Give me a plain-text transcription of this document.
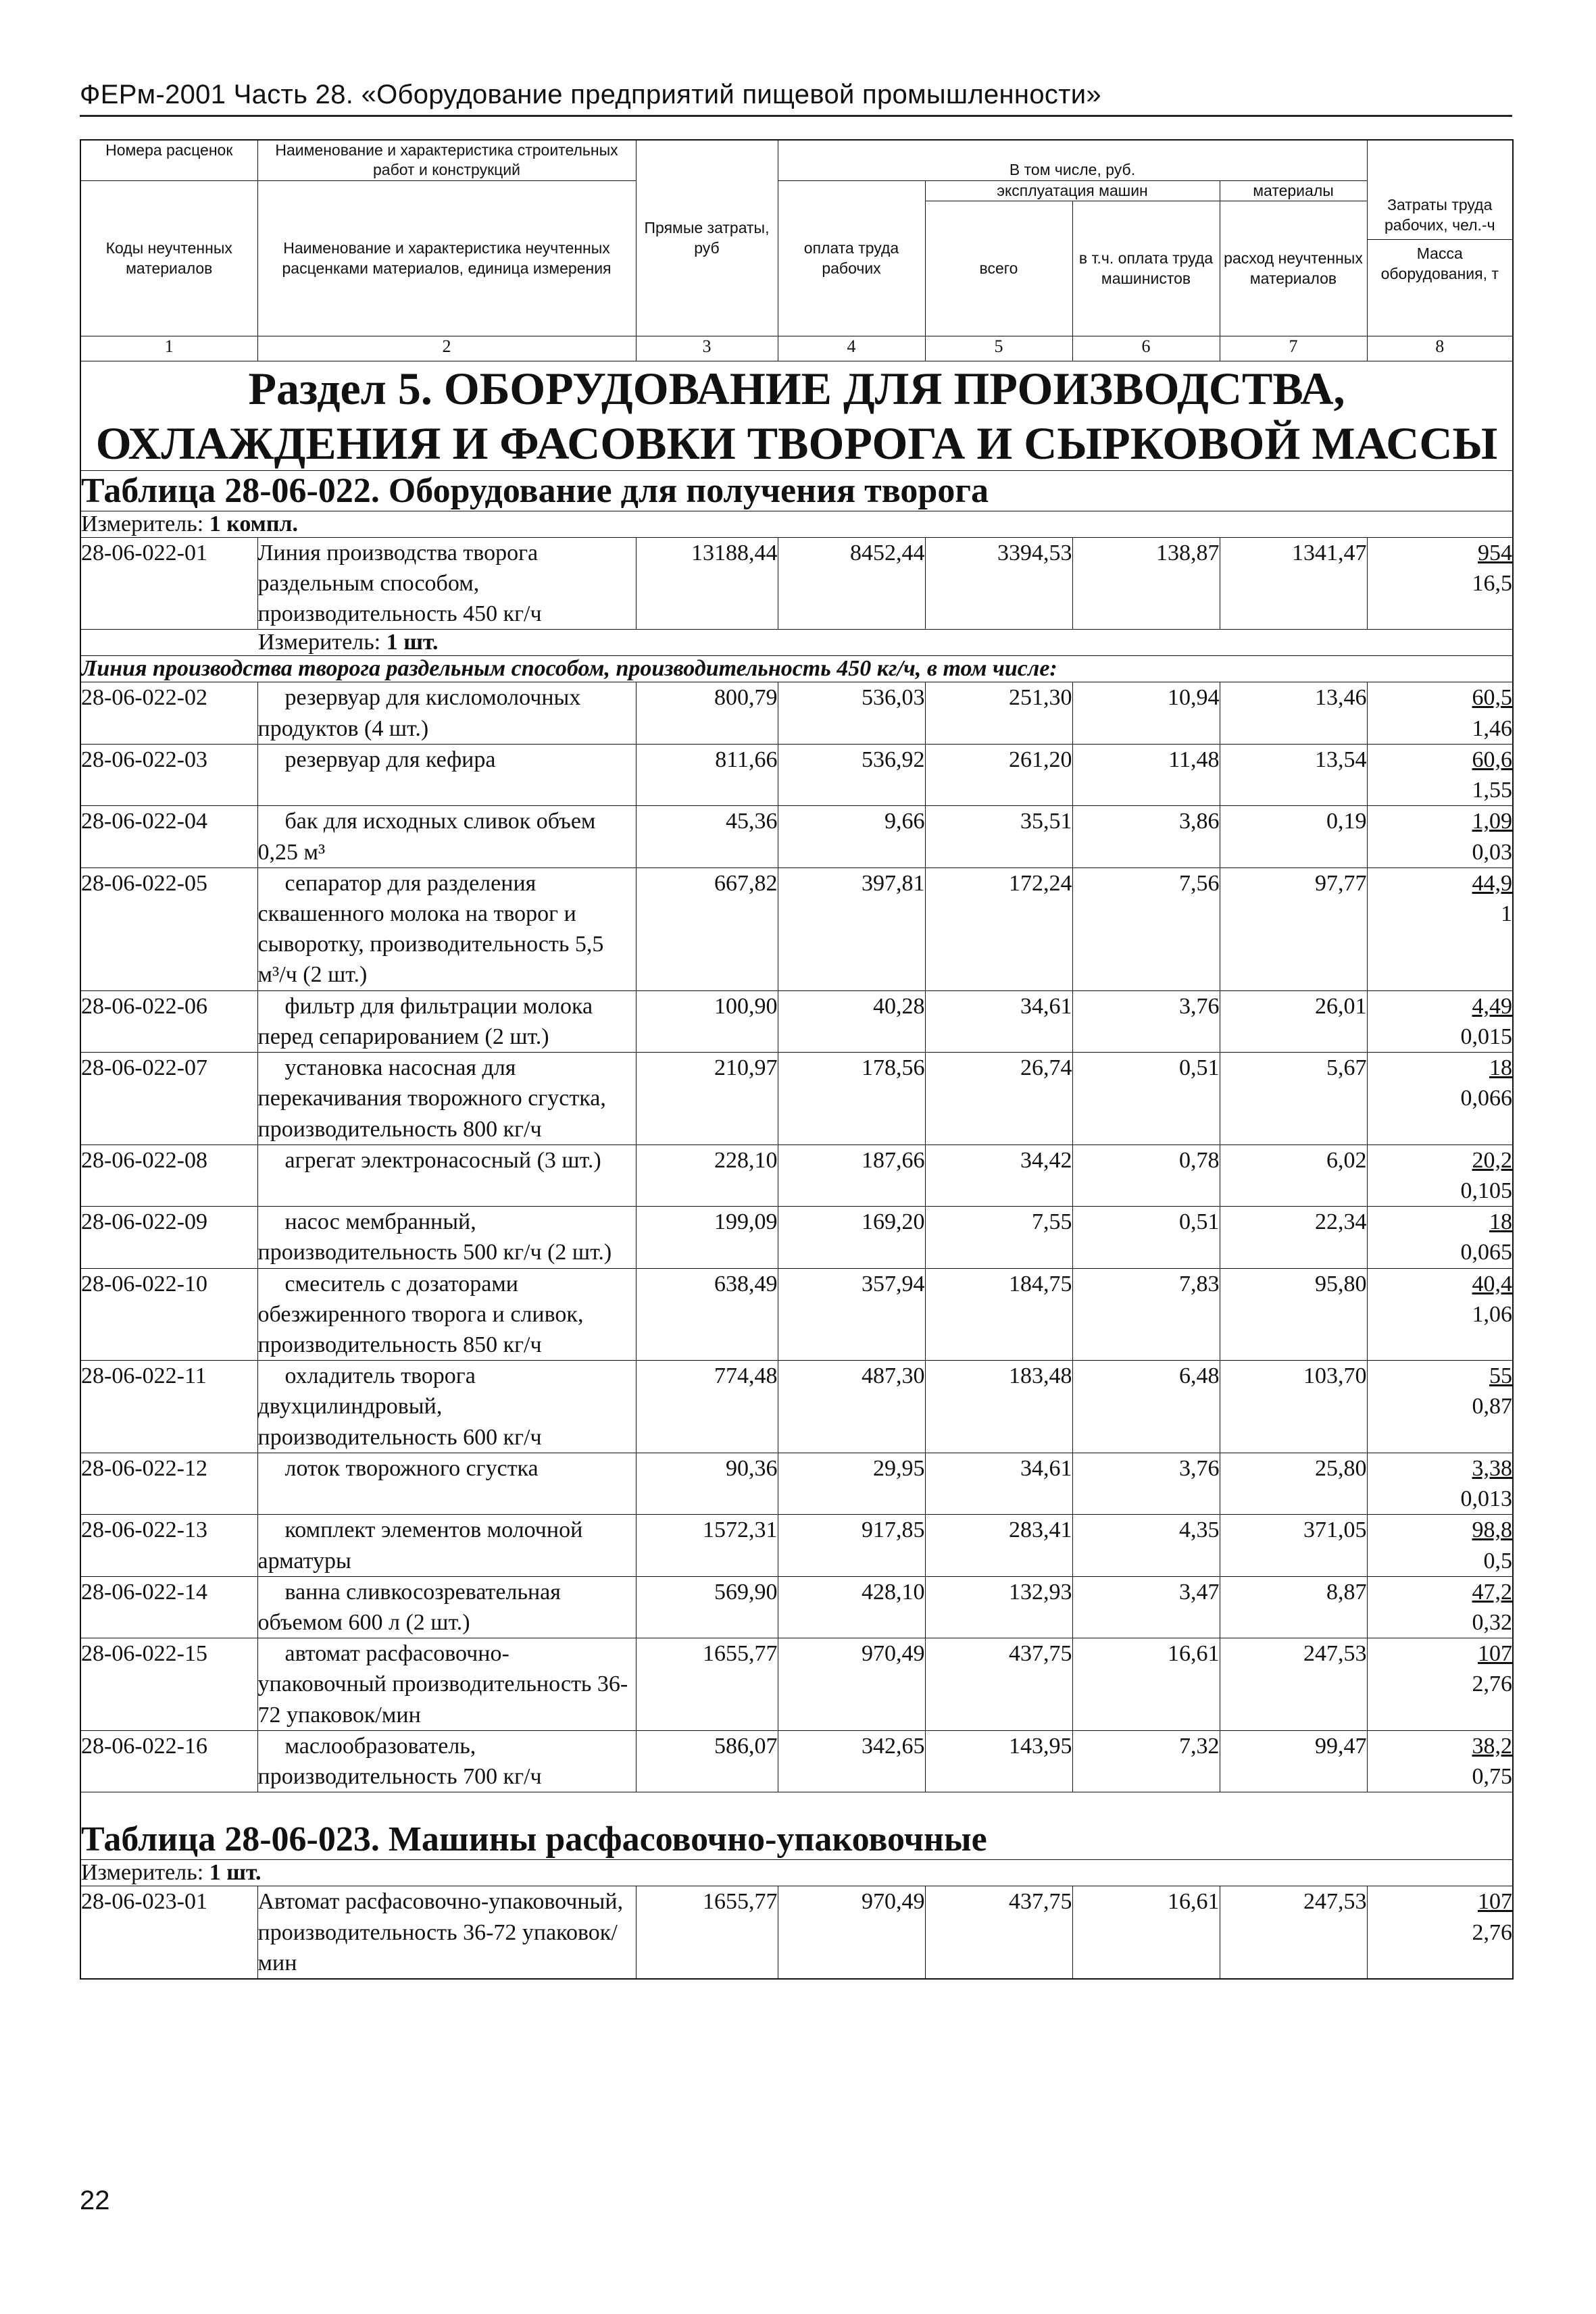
ФЕРм-2001 Часть 28. «Оборудование предприятий пищевой промышленности»
Номера расценок	Наименование и характеристика строительных работ и конструкций	Прямые затраты, руб	В том числе, руб.				Затраты труда рабочих, чел.-ч
Масса оборудования, т

Коды неучтенных материалов	Наименование и характеристика неучтенных расценками материалов, единица измерения		оплата труда рабочих	эксплуатация машин		материалы	
				всего	в т.ч. оплата труда машинистов	расход неучтенных материалов	
1	2	3	4	5	6	7	8
Раздел 5. ОБОРУДОВАНИЕ ДЛЯ ПРОИЗВОДСТВА, ОХЛАЖДЕНИЯ И ФАСОВКИ ТВОРОГА И СЫРКОВОЙ МАССЫ							
Таблица 28-06-022. Оборудование для получения творога							
Измеритель: 1 компл.							
28-06-022-01	Линия производства творога раздельным способом, производительность 450 кг/ч	13188,44	8452,44	3394,53	138,87	1341,47	954
16,5

Измеритель: 1 шт.							
Линия производства творога раздельным способом, производительность 450 кг/ч, в том числе:							
28-06-022-02	резервуар для кисломолочных продуктов (4 шт.)	800,79	536,03	251,30	10,94	13,46	60,5
1,46

28-06-022-03	резервуар для кефира	811,66	536,92	261,20	11,48	13,54	60,6
1,55

28-06-022-04	бак для исходных сливок объем 0,25 м³	45,36	9,66	35,51	3,86	0,19	1,09
0,03

28-06-022-05	сепаратор для разделения сквашенного молока на творог и сыворотку, производительность 5,5 м³/ч (2 шт.)	667,82	397,81	172,24	7,56	97,77	44,9
1

28-06-022-06	фильтр для фильтрации молока перед сепарированием (2 шт.)	100,90	40,28	34,61	3,76	26,01	4,49
0,015

28-06-022-07	установка насосная для перекачивания творожного сгустка, производительность 800 кг/ч	210,97	178,56	26,74	0,51	5,67	18
0,066

28-06-022-08	агрегат электронасосный (3 шт.)	228,10	187,66	34,42	0,78	6,02	20,2
0,105

28-06-022-09	насос мембранный, производительность 500 кг/ч (2 шт.)	199,09	169,20	7,55	0,51	22,34	18
0,065

28-06-022-10	смеситель с дозаторами обезжиренного творога и сливок, производительность 850 кг/ч	638,49	357,94	184,75	7,83	95,80	40,4
1,06

28-06-022-11	охладитель творога двухцилиндровый, производительность 600 кг/ч	774,48	487,30	183,48	6,48	103,70	55
0,87

28-06-022-12	лоток творожного сгустка	90,36	29,95	34,61	3,76	25,80	3,38
0,013

28-06-022-13	комплект элементов молочной арматуры	1572,31	917,85	283,41	4,35	371,05	98,8
0,5

28-06-022-14	ванна сливкосозревательная объемом 600 л (2 шт.)	569,90	428,10	132,93	3,47	8,87	47,2
0,32

28-06-022-15	автомат расфасовочно-упаковочный производительность 36-72 упаковок/мин	1655,77	970,49	437,75	16,61	247,53	107
2,76

28-06-022-16	маслообразователь, производительность 700 кг/ч	586,07	342,65	143,95	7,32	99,47	38,2
0,75

Таблица 28-06-023. Машины расфасовочно-упаковочные							
Измеритель: 1 шт.							
28-06-023-01	Автомат расфасовочно-упаковочный, производительность 36-72 упаковок/мин	1655,77	970,49	437,75	16,61	247,53	107
2,76
22
